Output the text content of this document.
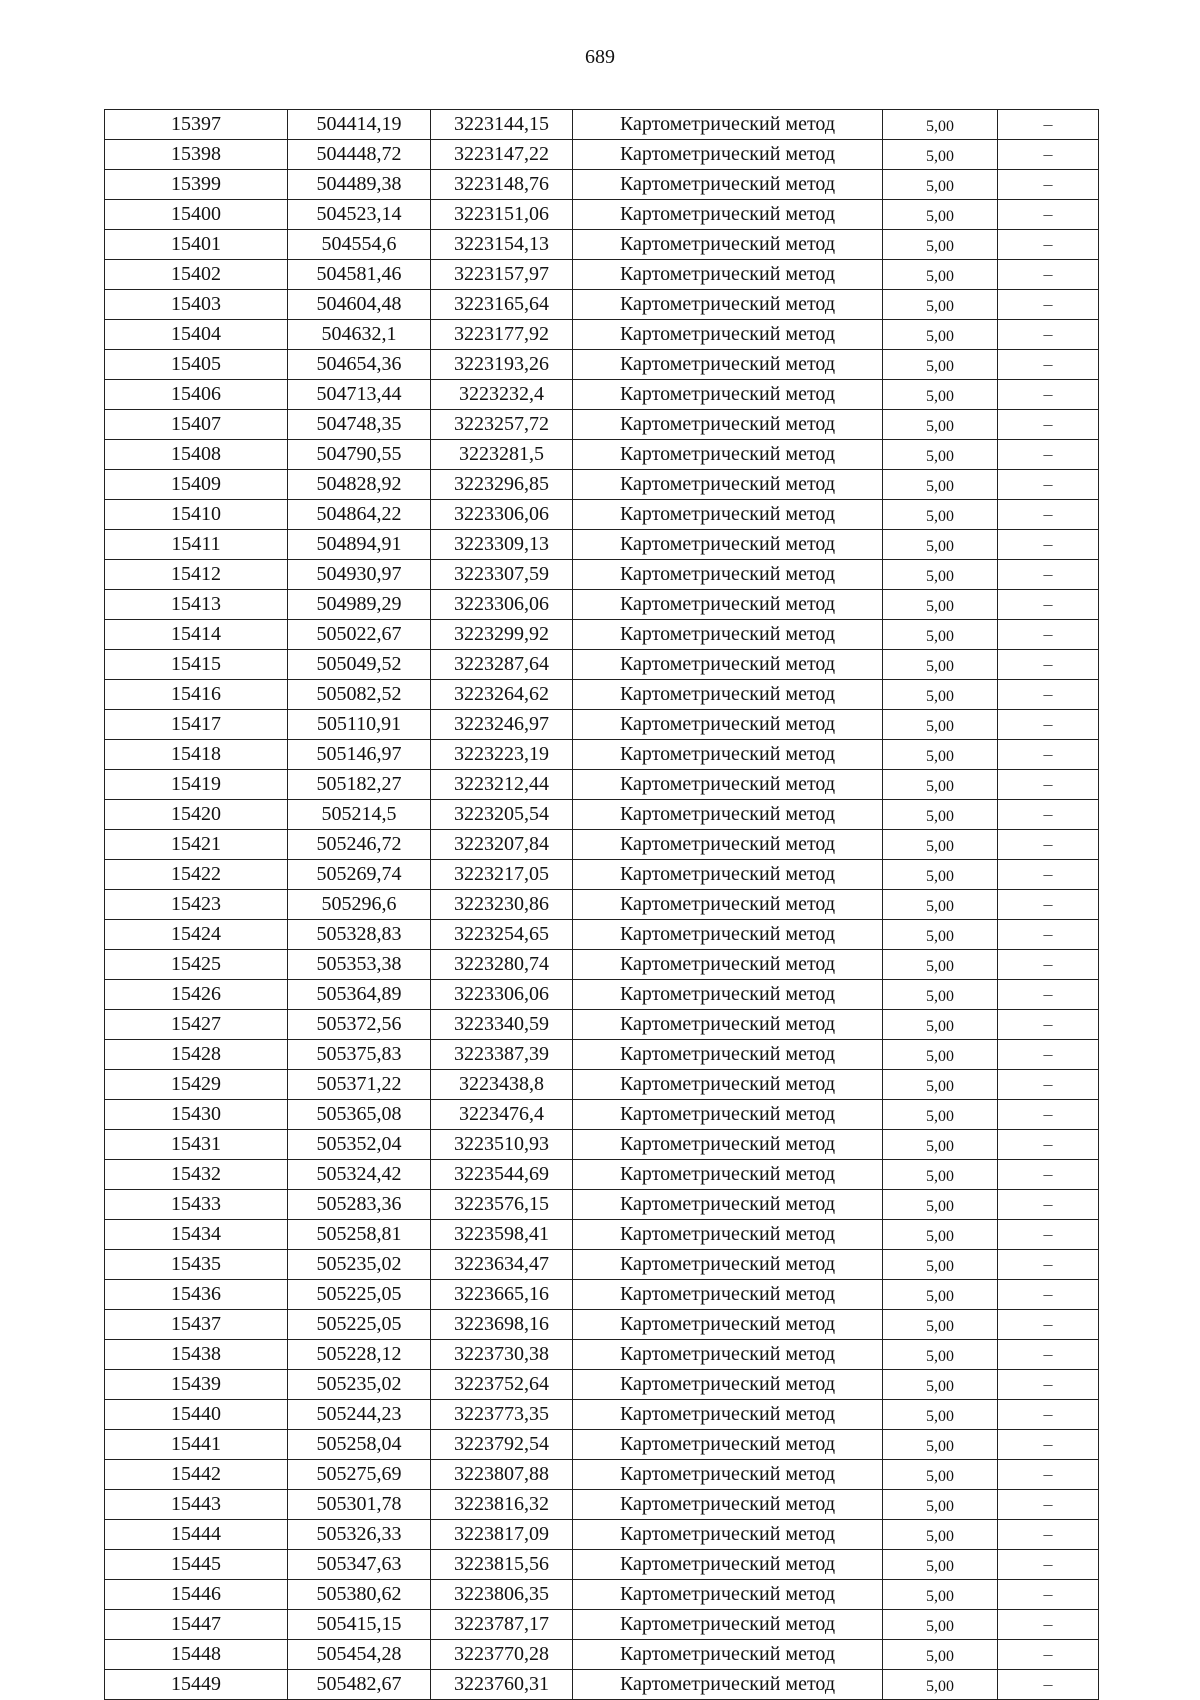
689
15397	504414,19	3223144,15	Картометрический метод	5,00	–
15398	504448,72	3223147,22	Картометрический метод	5,00	–
15399	504489,38	3223148,76	Картометрический метод	5,00	–
15400	504523,14	3223151,06	Картометрический метод	5,00	–
15401	504554,6	3223154,13	Картометрический метод	5,00	–
15402	504581,46	3223157,97	Картометрический метод	5,00	–
15403	504604,48	3223165,64	Картометрический метод	5,00	–
15404	504632,1	3223177,92	Картометрический метод	5,00	–
15405	504654,36	3223193,26	Картометрический метод	5,00	–
15406	504713,44	3223232,4	Картометрический метод	5,00	–
15407	504748,35	3223257,72	Картометрический метод	5,00	–
15408	504790,55	3223281,5	Картометрический метод	5,00	–
15409	504828,92	3223296,85	Картометрический метод	5,00	–
15410	504864,22	3223306,06	Картометрический метод	5,00	–
15411	504894,91	3223309,13	Картометрический метод	5,00	–
15412	504930,97	3223307,59	Картометрический метод	5,00	–
15413	504989,29	3223306,06	Картометрический метод	5,00	–
15414	505022,67	3223299,92	Картометрический метод	5,00	–
15415	505049,52	3223287,64	Картометрический метод	5,00	–
15416	505082,52	3223264,62	Картометрический метод	5,00	–
15417	505110,91	3223246,97	Картометрический метод	5,00	–
15418	505146,97	3223223,19	Картометрический метод	5,00	–
15419	505182,27	3223212,44	Картометрический метод	5,00	–
15420	505214,5	3223205,54	Картометрический метод	5,00	–
15421	505246,72	3223207,84	Картометрический метод	5,00	–
15422	505269,74	3223217,05	Картометрический метод	5,00	–
15423	505296,6	3223230,86	Картометрический метод	5,00	–
15424	505328,83	3223254,65	Картометрический метод	5,00	–
15425	505353,38	3223280,74	Картометрический метод	5,00	–
15426	505364,89	3223306,06	Картометрический метод	5,00	–
15427	505372,56	3223340,59	Картометрический метод	5,00	–
15428	505375,83	3223387,39	Картометрический метод	5,00	–
15429	505371,22	3223438,8	Картометрический метод	5,00	–
15430	505365,08	3223476,4	Картометрический метод	5,00	–
15431	505352,04	3223510,93	Картометрический метод	5,00	–
15432	505324,42	3223544,69	Картометрический метод	5,00	–
15433	505283,36	3223576,15	Картометрический метод	5,00	–
15434	505258,81	3223598,41	Картометрический метод	5,00	–
15435	505235,02	3223634,47	Картометрический метод	5,00	–
15436	505225,05	3223665,16	Картометрический метод	5,00	–
15437	505225,05	3223698,16	Картометрический метод	5,00	–
15438	505228,12	3223730,38	Картометрический метод	5,00	–
15439	505235,02	3223752,64	Картометрический метод	5,00	–
15440	505244,23	3223773,35	Картометрический метод	5,00	–
15441	505258,04	3223792,54	Картометрический метод	5,00	–
15442	505275,69	3223807,88	Картометрический метод	5,00	–
15443	505301,78	3223816,32	Картометрический метод	5,00	–
15444	505326,33	3223817,09	Картометрический метод	5,00	–
15445	505347,63	3223815,56	Картометрический метод	5,00	–
15446	505380,62	3223806,35	Картометрический метод	5,00	–
15447	505415,15	3223787,17	Картометрический метод	5,00	–
15448	505454,28	3223770,28	Картометрический метод	5,00	–
15449	505482,67	3223760,31	Картометрический метод	5,00	–
